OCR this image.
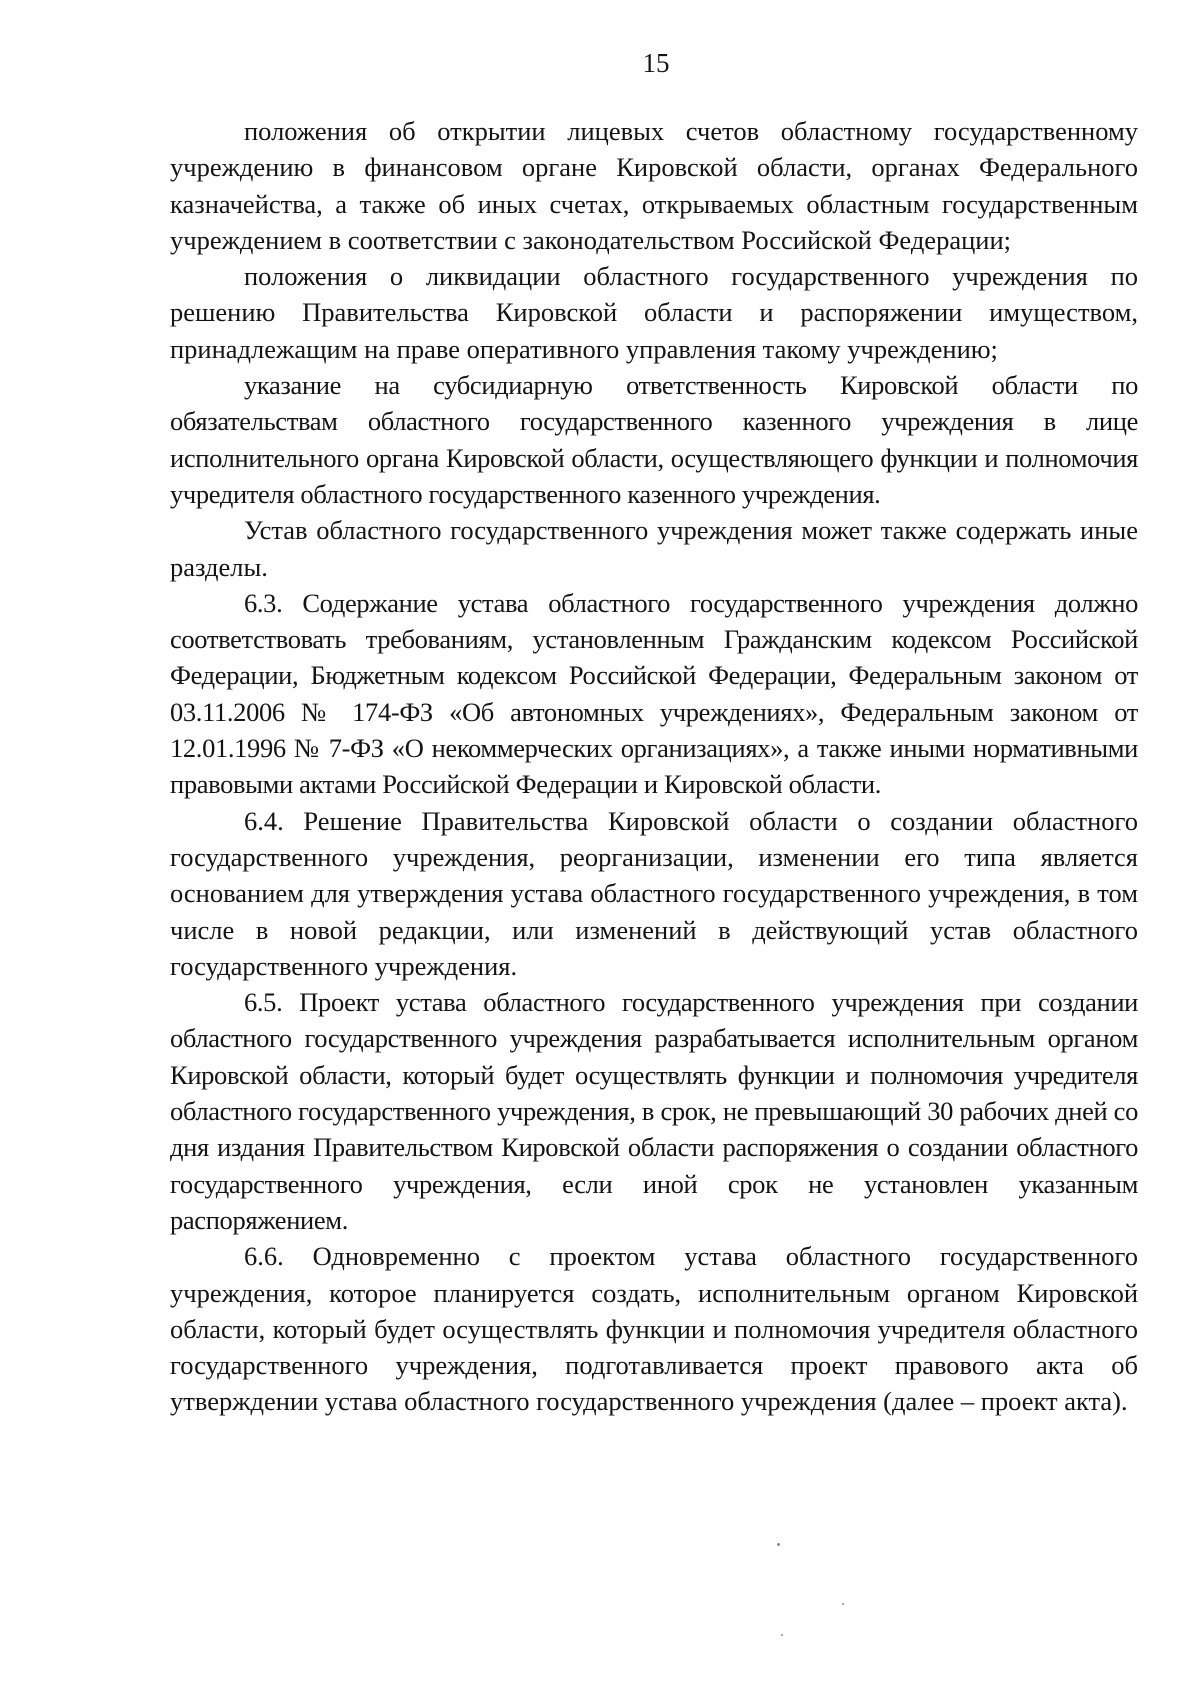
15

положения об открытии лицевых счетов областному государственному учреждению в финансовом органе Кировской области, органах Федерального казначейства, а также об иных счетах, открываемых областным государственным учреждением в соответствии с законодательством Российской Федерации;

положения о ликвидации областного государственного учреждения по решению Правительства Кировской области и распоряжении имуществом, принадлежащим на праве оперативного управления такому учреждению;

указание на субсидиарную ответственность Кировской области по обязательствам областного государственного казенного учреждения в лице исполнительного органа Кировской области, осуществляющего функции и полномочия учредителя областного государственного казенного учреждения.

Устав областного государственного учреждения может также содержать иные разделы.

6.3. Содержание устава областного государственного учреждения должно соответствовать требованиям, установленным Гражданским кодексом Российской Федерации, Бюджетным кодексом Российской Федерации, Федеральным законом от 03.11.2006 № 174-ФЗ «Об автономных учреждениях», Федеральным законом от 12.01.1996 № 7-ФЗ «О некоммерческих организациях», а также иными нормативными правовыми актами Российской Федерации и Кировской области.

6.4. Решение Правительства Кировской области о создании областного государственного учреждения, реорганизации, изменении его типа является основанием для утверждения устава областного государственного учреждения, в том числе в новой редакции, или изменений в действующий устав областного государственного учреждения.

6.5. Проект устава областного государственного учреждения при создании областного государственного учреждения разрабатывается исполнительным органом Кировской области, который будет осуществлять функции и полномочия учредителя областного государственного учреждения, в срок, не превышающий 30 рабочих дней со дня издания Правительством Кировской области распоряжения о создании областного государственного учреждения, если иной срок не установлен указанным распоряжением.

6.6. Одновременно с проектом устава областного государственного учреждения, которое планируется создать, исполнительным органом Кировской области, который будет осуществлять функции и полномочия учредителя областного государственного учреждения, подготавливается проект правового акта об утверждении устава областного государственного учреждения (далее – проект акта).
